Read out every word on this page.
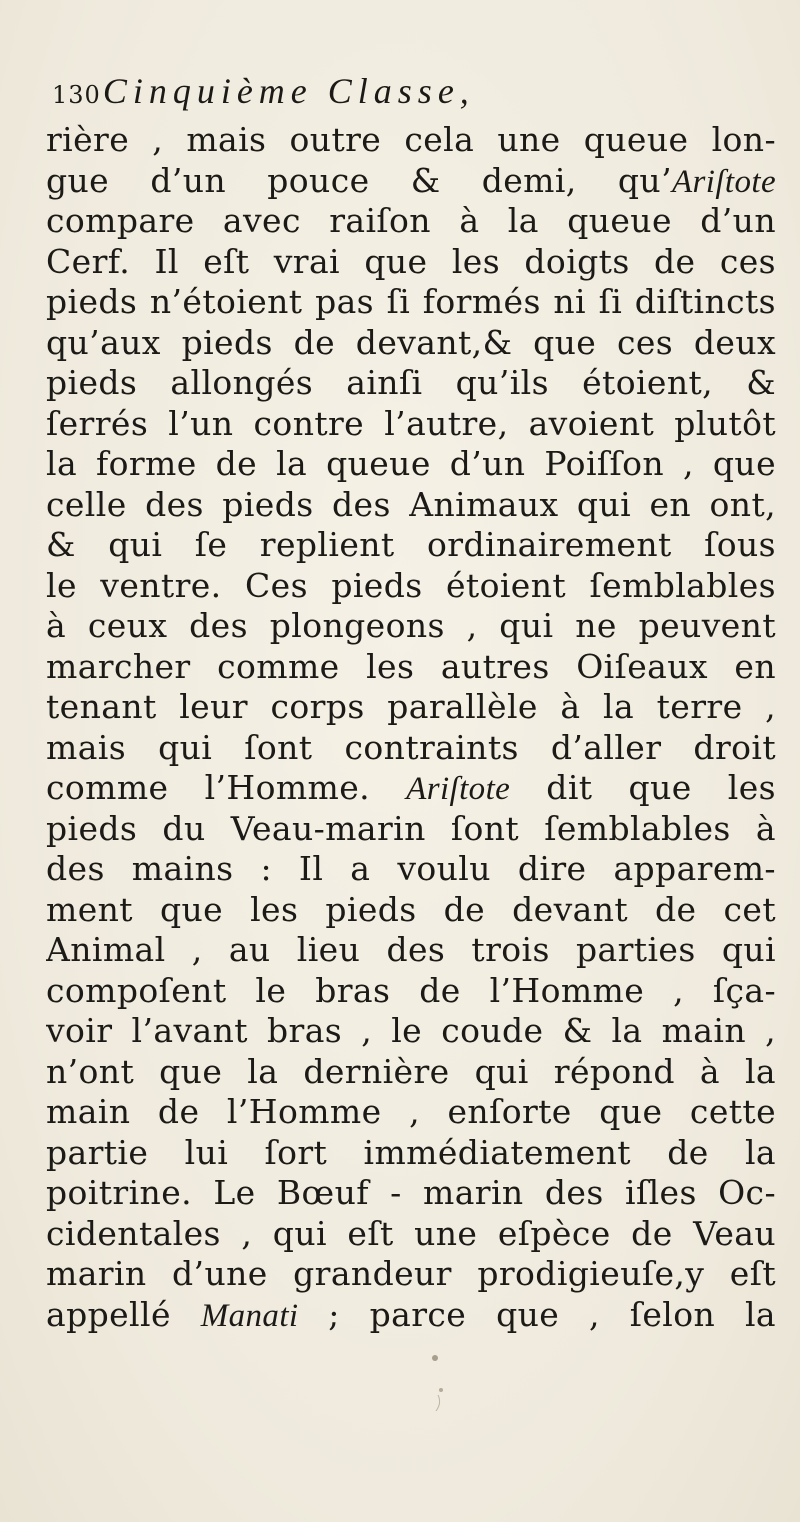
130Cinquième Classe,
rière , mais outre cela une queue lon-
gue d’un pouce & demi, qu’Ariſtote
compare avec raiſon à la queue d’un
Cerf. Il eſt vrai que les doigts de ces
pieds n’étoient pas ſi formés ni ſi diſtincts
qu’aux pieds de devant,& que ces deux
pieds allongés ainſi qu’ils étoient, &
ſerrés l’un contre l’autre, avoient plutôt
la forme de la queue d’un Poiſſon , que
celle des pieds des Animaux qui en ont,
& qui ſe replient ordinairement ſous
le ventre. Ces pieds étoient ſemblables
à ceux des plongeons , qui ne peuvent
marcher comme les autres Oiſeaux en
tenant leur corps parallèle à la terre ,
mais qui ſont contraints d’aller droit
comme l’Homme. Ariſtote dit que les
pieds du Veau-marin ſont ſemblables à
des mains : Il a voulu dire apparem-
ment que les pieds de devant de cet
Animal , au lieu des trois parties qui
compoſent le bras de l’Homme , ſça-
voir l’avant bras , le coude & la main ,
n’ont que la dernière qui répond à la
main de l’Homme , enſorte que cette
partie lui ſort immédiatement de la
poitrine. Le Bœuf - marin des iſles Oc-
cidentales , qui eſt une eſpèce de Veau
marin d’une grandeur prodigieuſe,y eſt
appellé Manati ; parce que , ſelon la
